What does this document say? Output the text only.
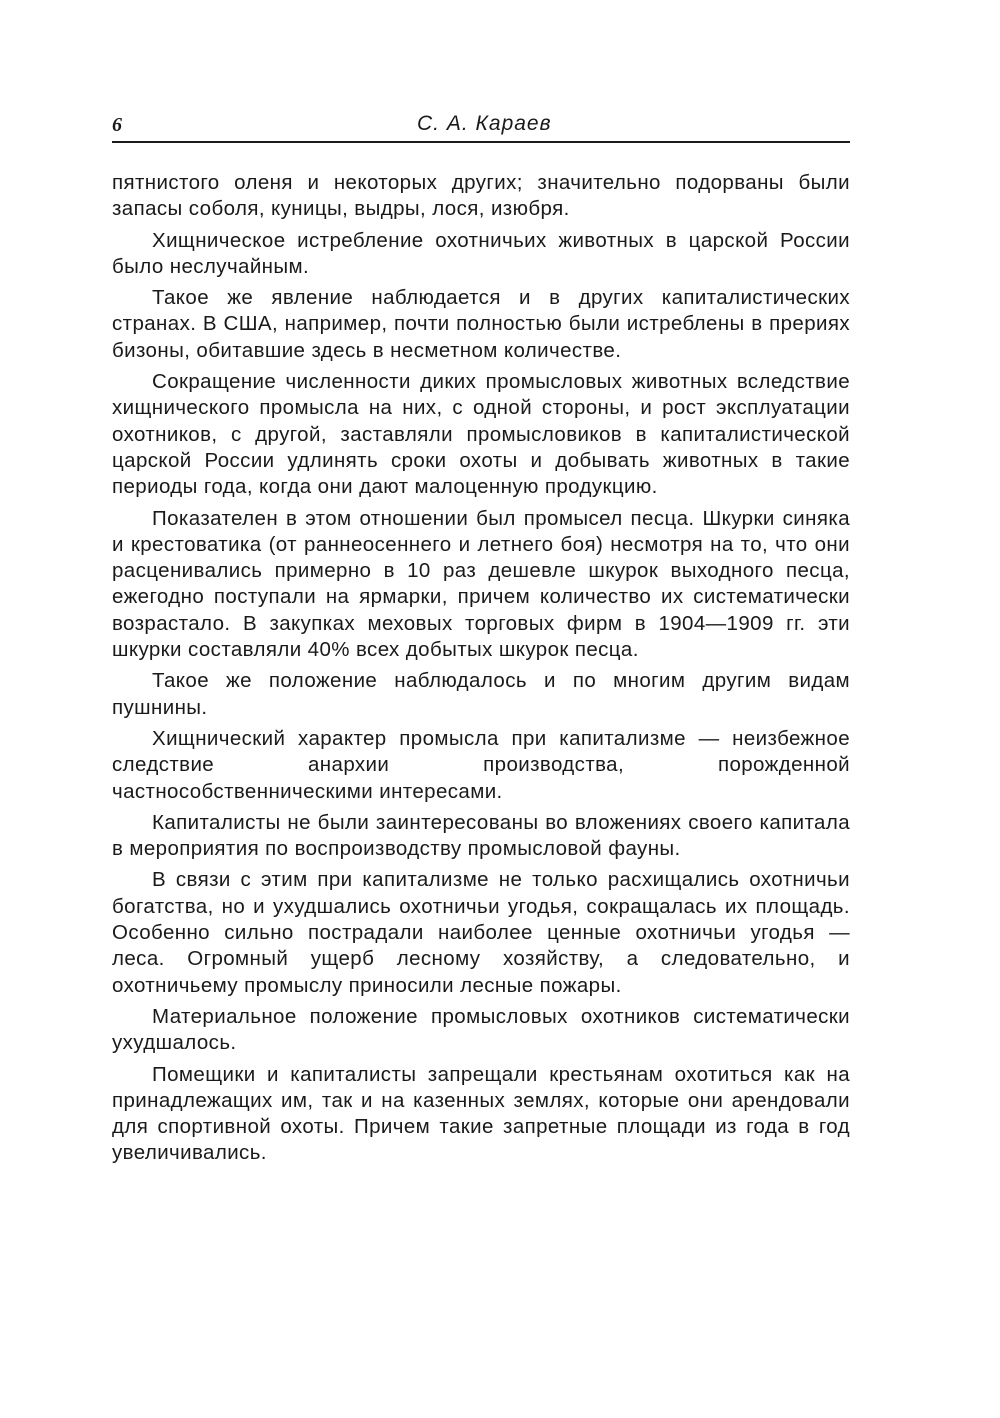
6	С. А. Караев

пятнистого оленя и некоторых других; значительно подорваны были запасы соболя, куницы, выдры, лося, изюбря.

Хищническое истребление охотничьих животных в царской России было неслучайным.

Такое же явление наблюдается и в других капиталистических странах. В США, например, почти полностью были истреблены в прериях бизоны, обитавшие здесь в несметном количестве.

Сокращение численности диких промысловых животных вследствие хищнического промысла на них, с одной стороны, и рост эксплуатации охотников, с другой, заставляли промысловиков в капиталистической царской России удлинять сроки охоты и добывать животных в такие периоды года, когда они дают малоценную продукцию.

Показателен в этом отношении был промысел песца. Шкурки синяка и крестоватика (от раннеосеннего и летнего боя) несмотря на то, что они расценивались примерно в 10 раз дешевле шкурок выходного песца, ежегодно поступали на ярмарки, причем количество их систематически возрастало. В закупках меховых торговых фирм в 1904—1909 гг. эти шкурки составляли 40% всех добытых шкурок песца.

Такое же положение наблюдалось и по многим другим видам пушнины.

Хищнический характер промысла при капитализме — неизбежное следствие анархии производства, порожденной частнособственническими интересами.

Капиталисты не были заинтересованы во вложениях своего капитала в мероприятия по воспроизводству промысловой фауны.

В связи с этим при капитализме не только расхищались охотничьи богатства, но и ухудшались охотничьи угодья, сокращалась их площадь. Особенно сильно пострадали наиболее ценные охотничьи угодья — леса. Огромный ущерб лесному хозяйству, а следовательно, и охотничьему промыслу приносили лесные пожары.

Материальное положение промысловых охотников систематически ухудшалось.

Помещики и капиталисты запрещали крестьянам охотиться как на принадлежащих им, так и на казенных землях, которые они арендовали для спортивной охоты. Причем такие запретные площади из года в год увеличивались.
